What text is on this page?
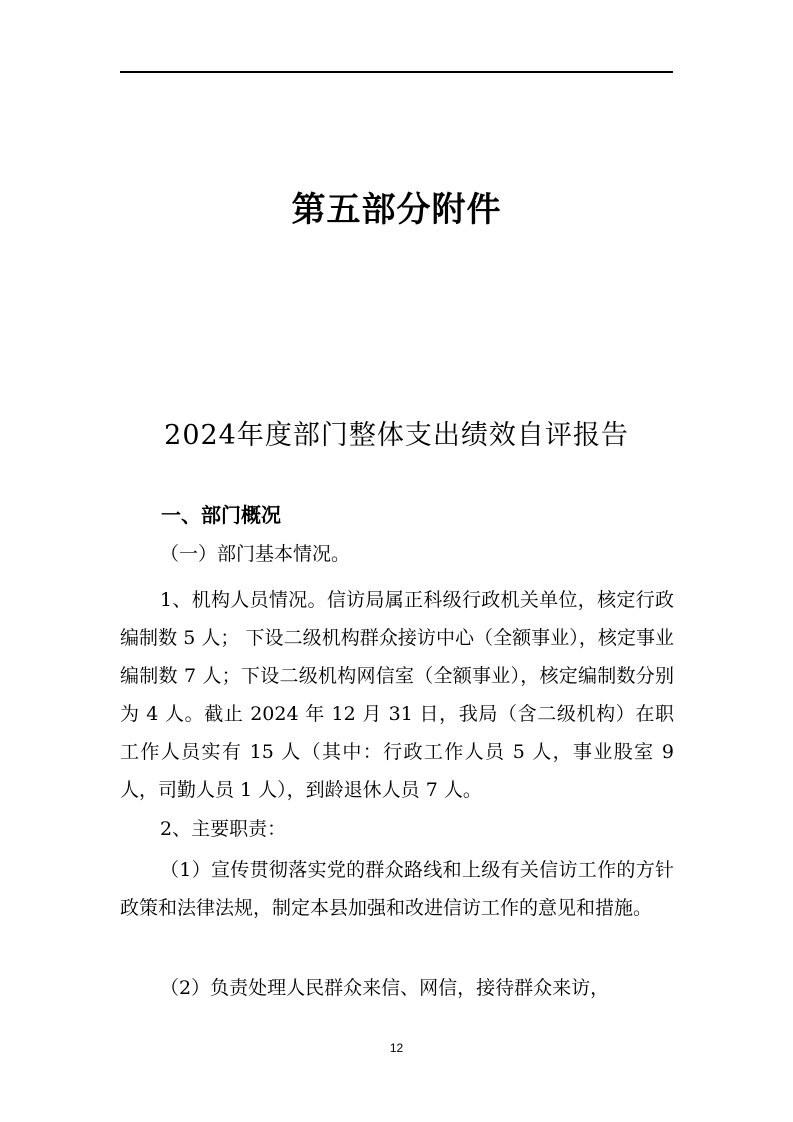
第五部分附件
2024年度部门整体支出绩效自评报告
一、部门概况

（一）部门基本情况。

1、机构人员情况。信访局属正科级行政机关单位，核定行政编制数 5 人； 下设二级机构群众接访中心（全额事业），核定事业编制数 7 人；下设二级机构网信室（全额事业），核定编制数分别为 4 人。截止 2024 年 12 月 31 日，我局（含二级机构）在职工作人员实有 15 人（其中：行政工作人员 5 人，事业股室 9 人，司勤人员 1 人），到龄退休人员 7 人。

2、主要职责：

（1）宣传贯彻落实党的群众路线和上级有关信访工作的方针政策和法律法规，制定本县加强和改进信访工作的意见和措施。

（2）负责处理人民群众来信、网信，接待群众来访，

12
